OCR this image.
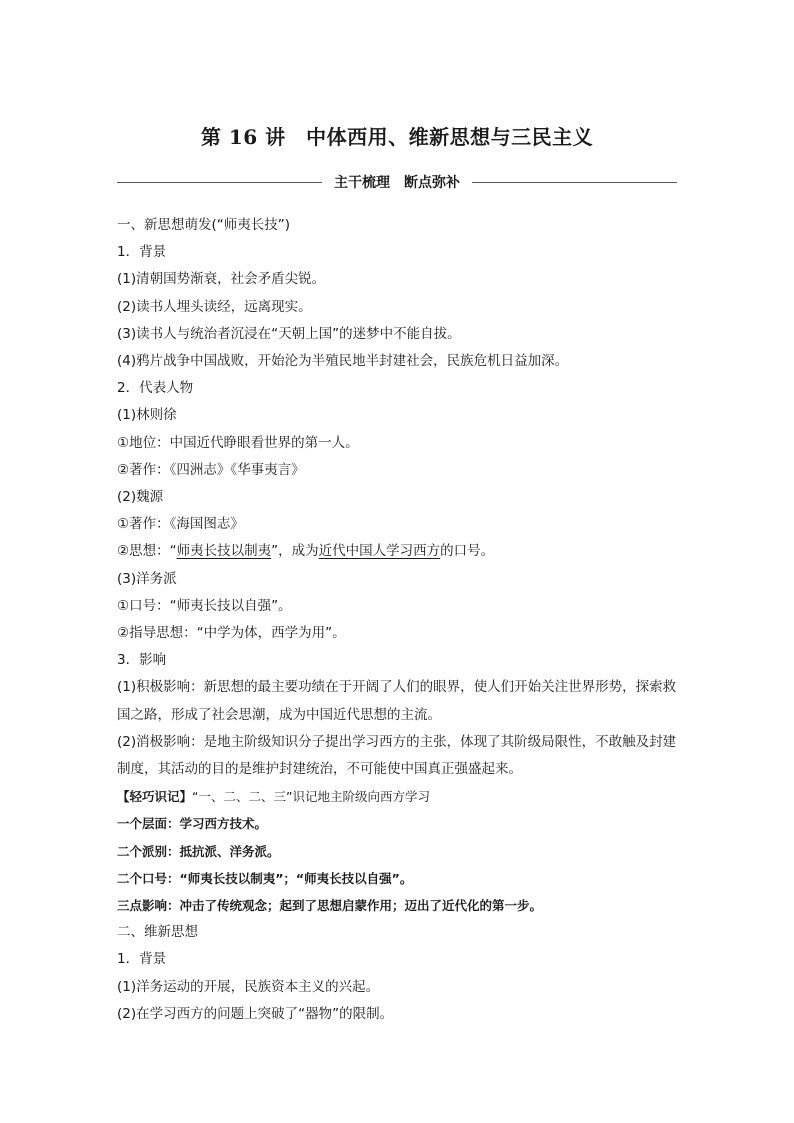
第 16 讲　中体西用、维新思想与三民主义
主干梳理　断点弥补

一、新思想萌发(“师夷长技”)

1．背景

(1)清朝国势渐衰，社会矛盾尖锐。

(2)读书人埋头读经，远离现实。

(3)读书人与统治者沉浸在“天朝上国”的迷梦中不能自拔。

(4)鸦片战争中国战败，开始沦为半殖民地半封建社会，民族危机日益加深。

2．代表人物

(1)林则徐

①地位：中国近代睁眼看世界的第一人。

②著作：《四洲志》《华事夷言》

(2)魏源

①著作：《海国图志》

②思想：“师夷长技以制夷”，成为近代中国人学习西方的口号。

(3)洋务派

①口号：“师夷长技以自强”。

②指导思想：“中学为体，西学为用”。

3．影响

(1)积极影响：新思想的最主要功绩在于开阔了人们的眼界，使人们开始关注世界形势，探索救国之路，形成了社会思潮，成为中国近代思想的主流。

(2)消极影响：是地主阶级知识分子提出学习西方的主张，体现了其阶级局限性，不敢触及封建制度，其活动的目的是维护封建统治，不可能使中国真正强盛起来。

【轻巧识记】“一、二、二、三”识记地主阶级向西方学习

一个层面：学习西方技术。

二个派别：抵抗派、洋务派。

二个口号：“师夷长技以制夷”；“师夷长技以自强”。

三点影响：冲击了传统观念；起到了思想启蒙作用；迈出了近代化的第一步。

二、维新思想

1．背景

(1)洋务运动的开展，民族资本主义的兴起。

(2)在学习西方的问题上突破了“器物”的限制。
